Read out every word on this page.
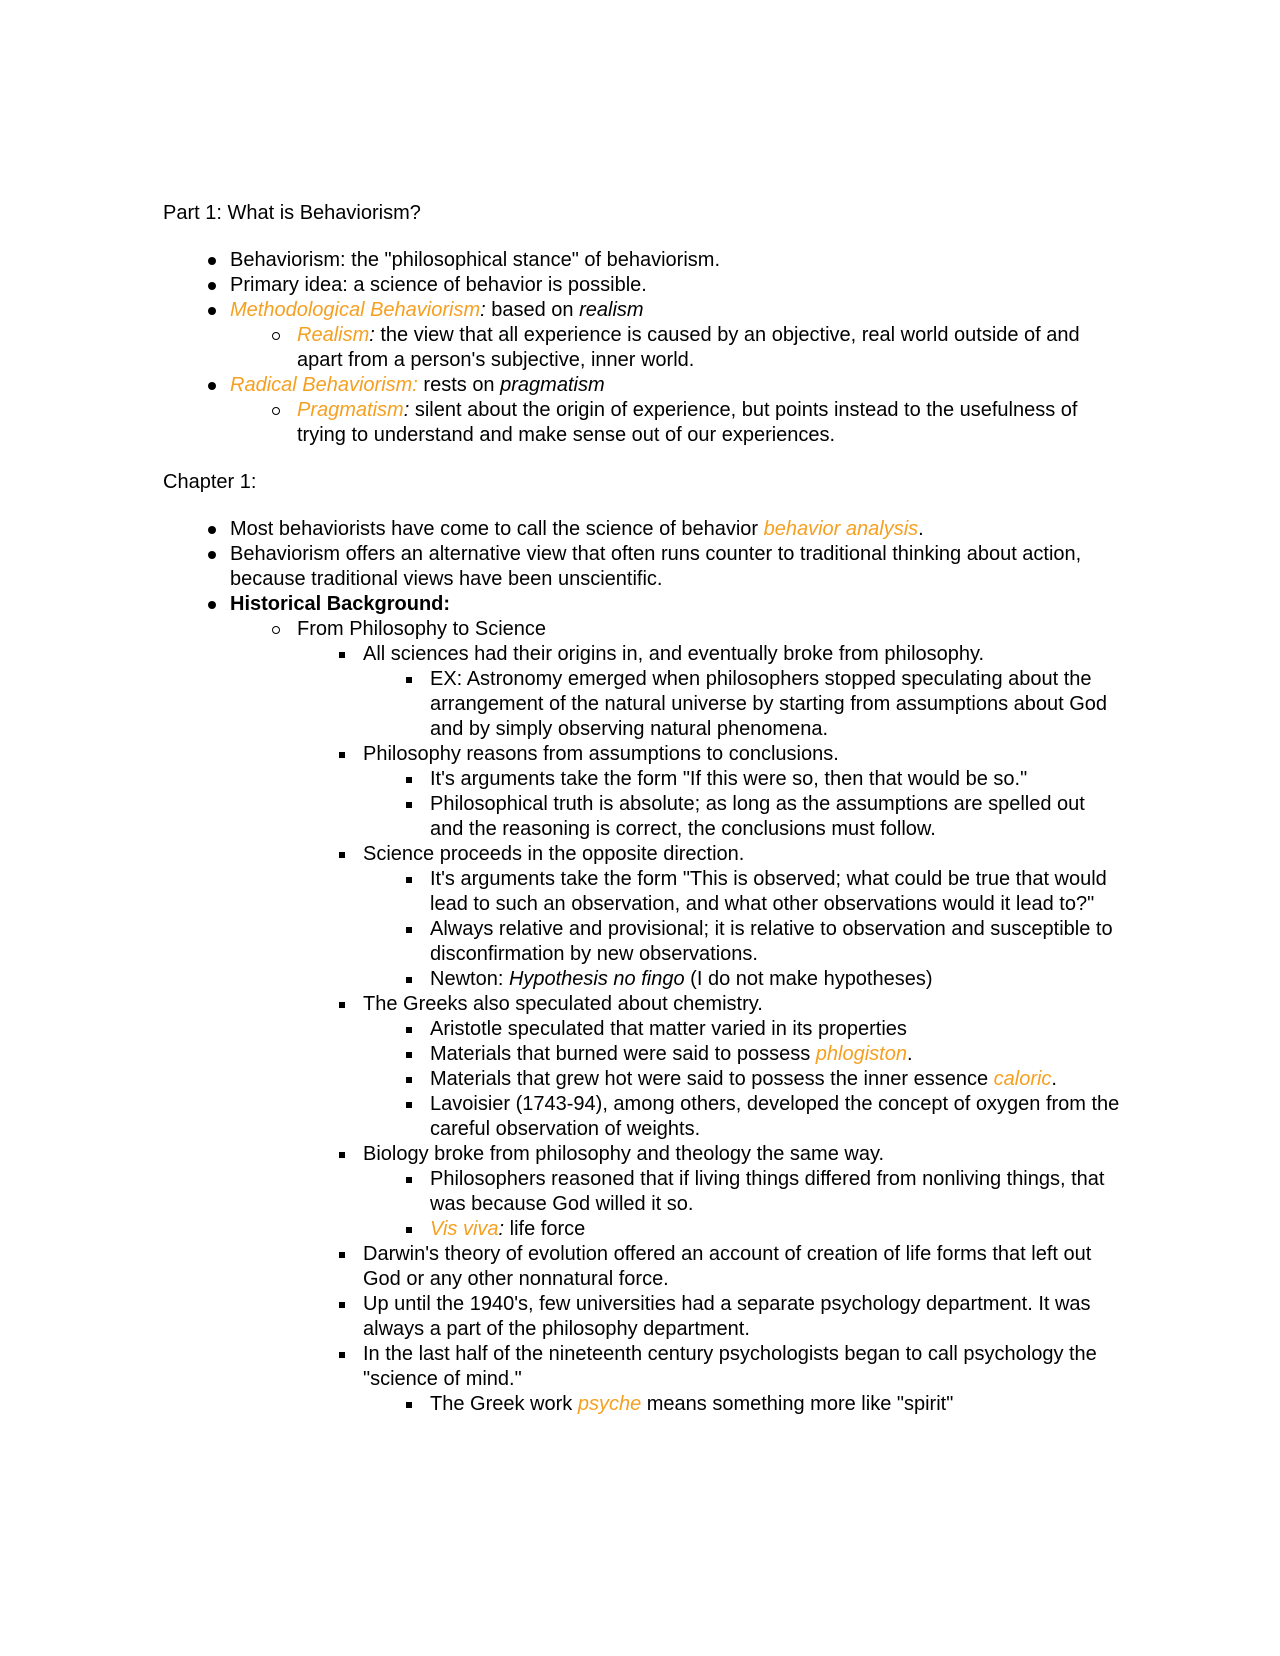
Part 1: What is Behaviorism?
Behaviorism: the "philosophical stance" of behaviorism.
Primary idea: a science of behavior is possible.
Methodological Behaviorism: based on realism
Realism: the view that all experience is caused by an objective, real world outside of and apart from a person's subjective, inner world.
Radical Behaviorism: rests on pragmatism
Pragmatism: silent about the origin of experience, but points instead to the usefulness of trying to understand and make sense out of our experiences.
Chapter 1:
Most behaviorists have come to call the science of behavior behavior analysis.
Behaviorism offers an alternative view that often runs counter to traditional thinking about action, because traditional views have been unscientific.
Historical Background:
From Philosophy to Science
All sciences had their origins in, and eventually broke from philosophy.
EX: Astronomy emerged when philosophers stopped speculating about the arrangement of the natural universe by starting from assumptions about God and by simply observing natural phenomena.
Philosophy reasons from assumptions to conclusions.
It's arguments take the form "If this were so, then that would be so."
Philosophical truth is absolute; as long as the assumptions are spelled out and the reasoning is correct, the conclusions must follow.
Science proceeds in the opposite direction.
It's arguments take the form "This is observed; what could be true that would lead to such an observation, and what other observations would it lead to?"
Always relative and provisional; it is relative to observation and susceptible to disconfirmation by new observations.
Newton: Hypothesis no fingo (I do not make hypotheses)
The Greeks also speculated about chemistry.
Aristotle speculated that matter varied in its properties
Materials that burned were said to possess phlogiston.
Materials that grew hot were said to possess the inner essence caloric.
Lavoisier (1743-94), among others, developed the concept of oxygen from the careful observation of weights.
Biology broke from philosophy and theology the same way.
Philosophers reasoned that if living things differed from nonliving things, that was because God willed it so.
Vis viva: life force
Darwin's theory of evolution offered an account of creation of life forms that left out God or any other nonnatural force.
Up until the 1940's, few universities had a separate psychology department. It was always a part of the philosophy department.
In the last half of the nineteenth century psychologists began to call psychology the "science of mind."
The Greek work psyche means something more like "spirit"
